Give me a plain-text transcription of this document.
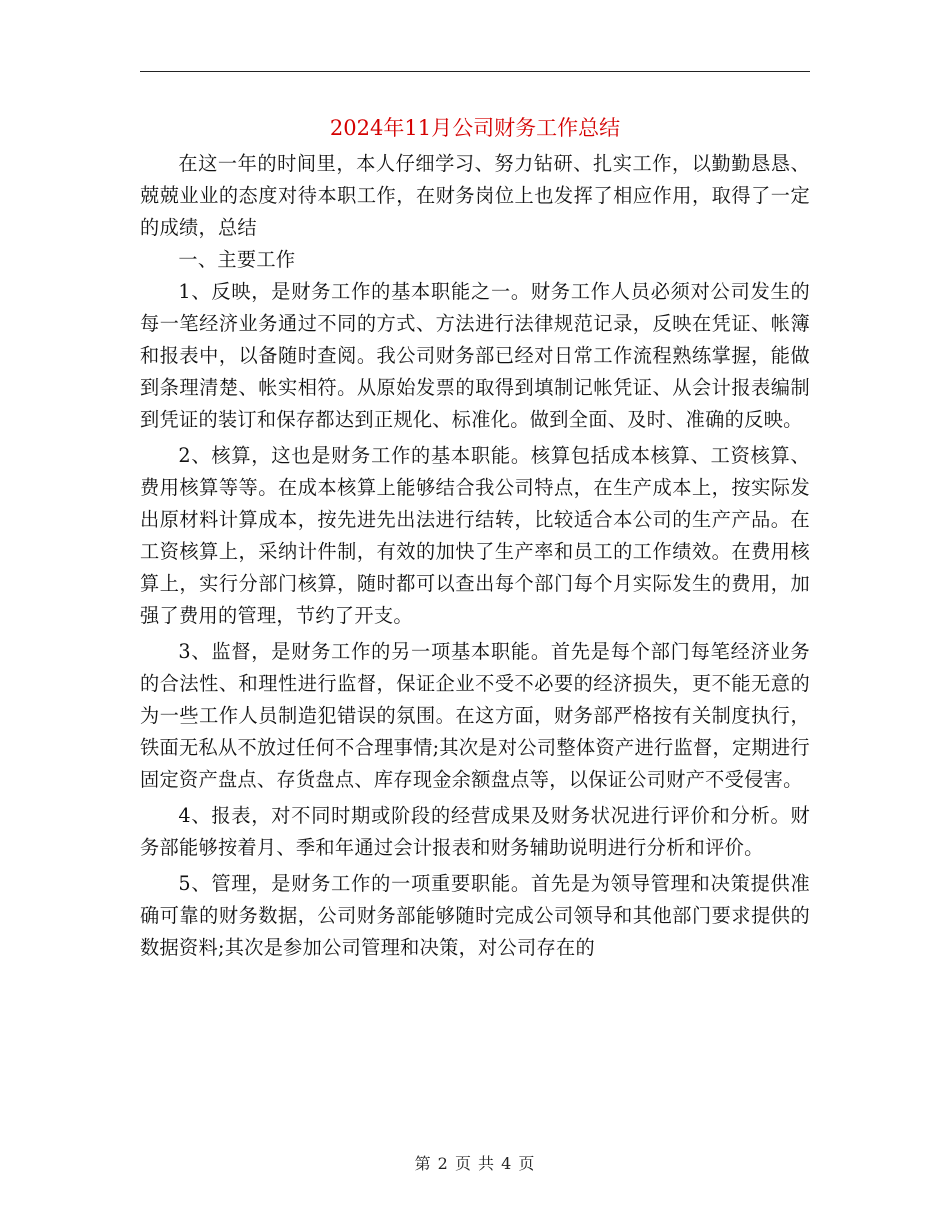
2024年11月公司财务工作总结

在这一年的时间里，本人仔细学习、努力钻研、扎实工作，以勤勤恳恳、兢兢业业的态度对待本职工作，在财务岗位上也发挥了相应作用，取得了一定的成绩，总结

一、主要工作

1、反映，是财务工作的基本职能之一。财务工作人员必须对公司发生的每一笔经济业务通过不同的方式、方法进行法律规范记录，反映在凭证、帐簿和报表中，以备随时查阅。我公司财务部已经对日常工作流程熟练掌握，能做到条理清楚、帐实相符。从原始发票的取得到填制记帐凭证、从会计报表编制到凭证的装订和保存都达到正规化、标准化。做到全面、及时、准确的反映。

2、核算，这也是财务工作的基本职能。核算包括成本核算、工资核算、费用核算等等。在成本核算上能够结合我公司特点，在生产成本上，按实际发出原材料计算成本，按先进先出法进行结转，比较适合本公司的生产产品。在工资核算上，采纳计件制，有效的加快了生产率和员工的工作绩效。在费用核算上，实行分部门核算，随时都可以查出每个部门每个月实际发生的费用，加强了费用的管理，节约了开支。

3、监督，是财务工作的另一项基本职能。首先是每个部门每笔经济业务的合法性、和理性进行监督，保证企业不受不必要的经济损失，更不能无意的为一些工作人员制造犯错误的氛围。在这方面，财务部严格按有关制度执行，铁面无私从不放过任何不合理事情;其次是对公司整体资产进行监督，定期进行固定资产盘点、存货盘点、库存现金余额盘点等，以保证公司财产不受侵害。

4、报表，对不同时期或阶段的经营成果及财务状况进行评价和分析。财务部能够按着月、季和年通过会计报表和财务辅助说明进行分析和评价。

5、管理，是财务工作的一项重要职能。首先是为领导管理和决策提供准确可靠的财务数据，公司财务部能够随时完成公司领导和其他部门要求提供的数据资料;其次是参加公司管理和决策，对公司存在的

第 2 页 共 4 页
